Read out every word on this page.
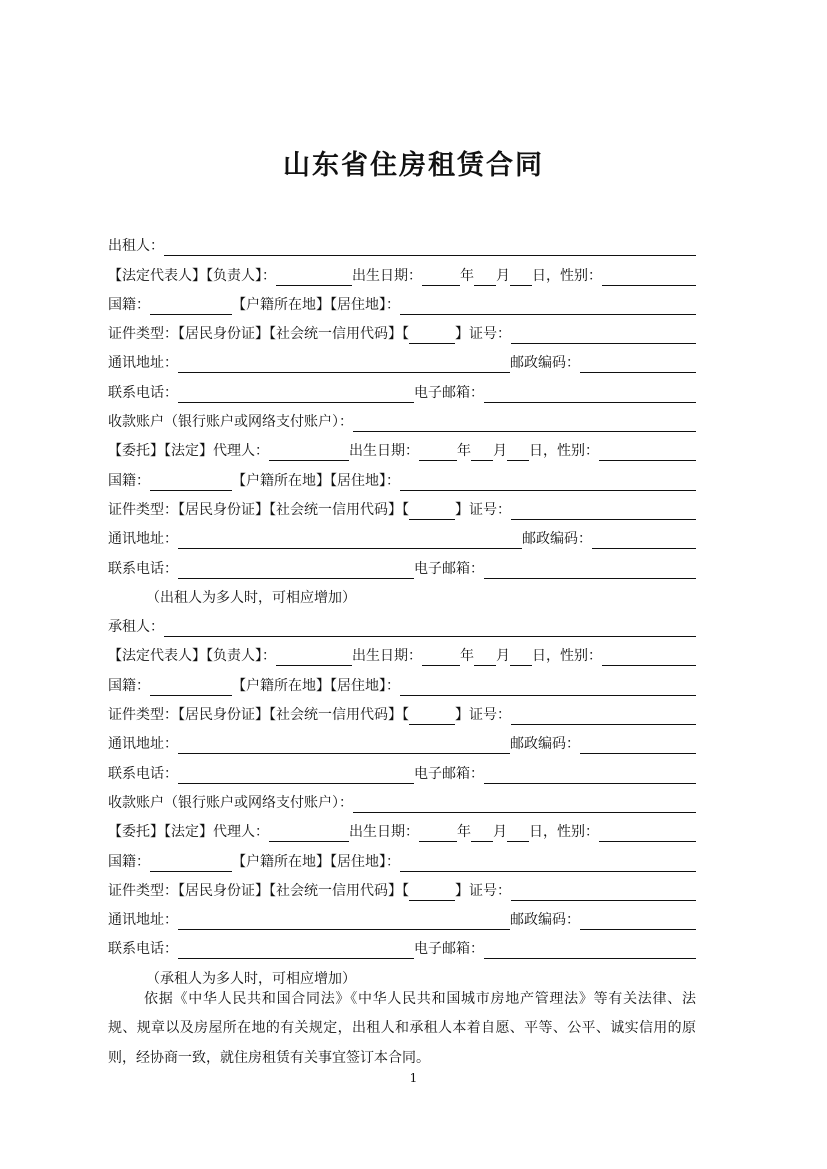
山东省住房租赁合同
出租人：
【法定代表人】【负责人】：	出生日期：	年 月 日，性别：
国籍：	【户籍所在地】【居住地】：
证件类型：【居民身份证】【社会统一信用代码】【	】证号：
通讯地址：	邮政编码：
联系电话：	电子邮箱：
收款账户（银行账户或网络支付账户）：
【委托】【法定】代理人：	出生日期：	年 月 日，性别：
国籍：	【户籍所在地】【居住地】：
证件类型：【居民身份证】【社会统一信用代码】【	】证号：
通讯地址：	邮政编码：
联系电话：	电子邮箱：
（出租人为多人时，可相应增加）
承租人：
【法定代表人】【负责人】：	出生日期：	年 月 日，性别：
国籍：	【户籍所在地】【居住地】：
证件类型：【居民身份证】【社会统一信用代码】【	】证号：
通讯地址：	邮政编码：
联系电话：	电子邮箱：
收款账户（银行账户或网络支付账户）：
【委托】【法定】代理人：	出生日期：	年 月 日，性别：
国籍：	【户籍所在地】【居住地】：
证件类型：【居民身份证】【社会统一信用代码】【	】证号：
通讯地址：	邮政编码：
联系电话：	电子邮箱：
（承租人为多人时，可相应增加）
依据《中华人民共和国合同法》《中华人民共和国城市房地产管理法》等有关法律、法规、规章以及房屋所在地的有关规定，出租人和承租人本着自愿、平等、公平、诚实信用的原则，经协商一致，就住房租赁有关事宜签订本合同。
1
